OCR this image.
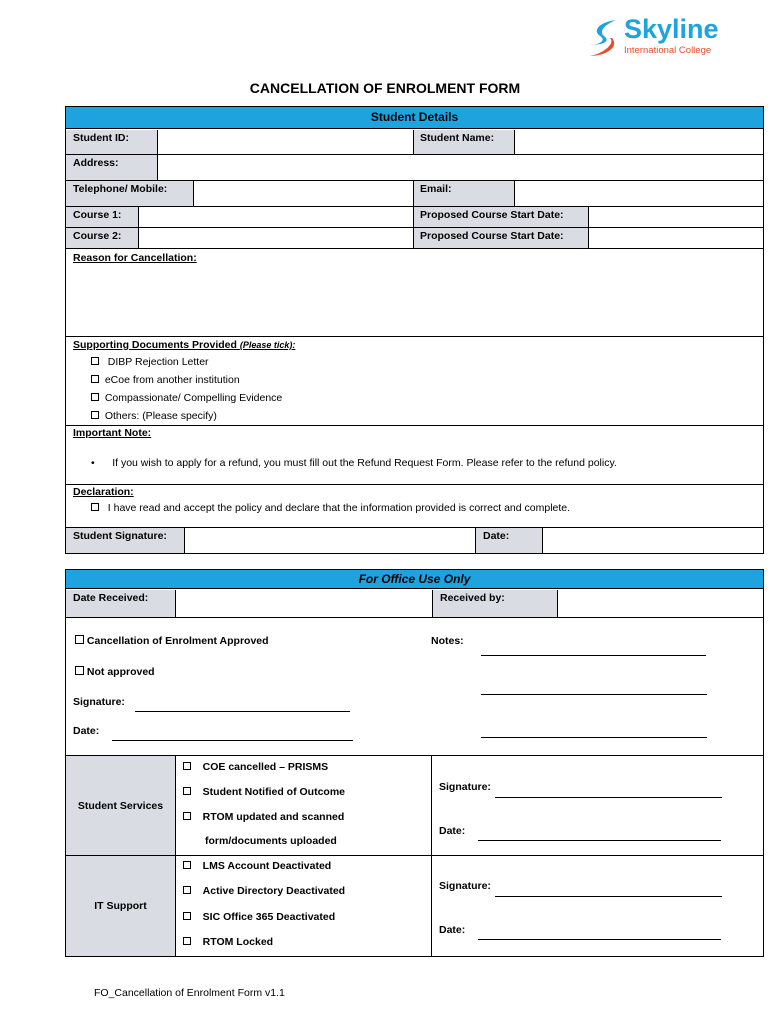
Skyline
International College
CANCELLATION OF ENROLMENT FORM
Student Details
Student ID:	Student Name:
Address:
Telephone/ Mobile:	Email:
Course 1:	Proposed Course Start Date:
Course 2:	Proposed Course Start Date:
Reason for Cancellation:
Supporting Documents Provided (Please tick):
DIBP Rejection Letter
eCoe from another institution
Compassionate/ Compelling Evidence
Others: (Please specify)
Important Note:
•      If you wish to apply for a refund, you must fill out the Refund Request Form. Please refer to the refund policy.
Declaration:
I have read and accept the policy and declare that the information provided is correct and complete.
Student Signature:	Date:
For Office Use Only
Date Received:	Received by:
Cancellation of Enrolment Approved
Not approved
Signature:
Date:
Notes:
Student Services
COE cancelled – PRISMS
Student Notified of Outcome
RTOM updated and scanned
form/documents uploaded
Signature:
Date:
IT Support
LMS Account Deactivated
Active Directory Deactivated
SIC Office 365 Deactivated
RTOM Locked
Signature:
Date:
FO_Cancellation of Enrolment Form v1.1
